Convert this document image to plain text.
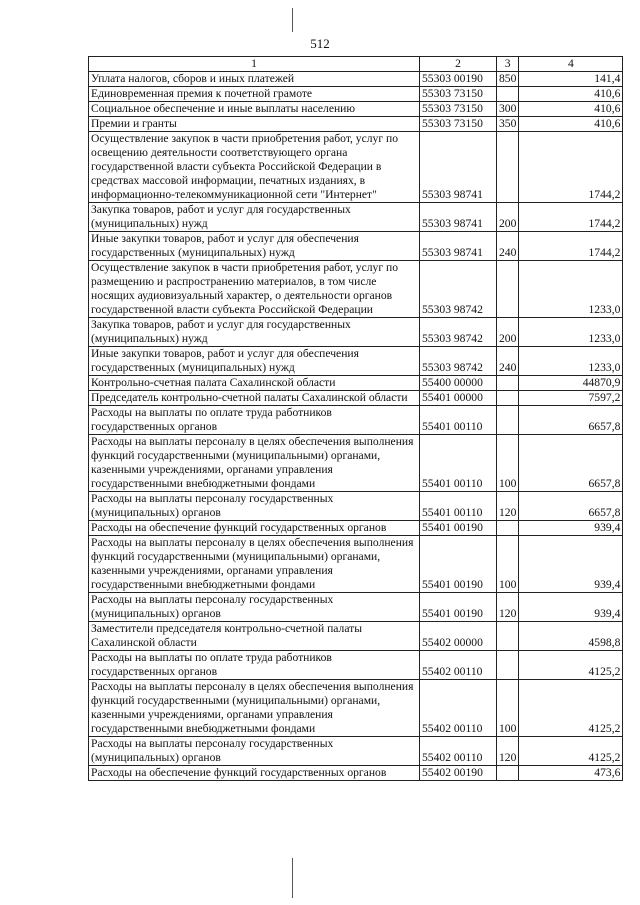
512
1	2	3	4
Уплата налогов, сборов и иных платежей	55303 00190	850	141,4
Единовременная премия к почетной грамоте	55303 73150		410,6
Социальное обеспечение и иные выплаты населению	55303 73150	300	410,6
Премии и гранты	55303 73150	350	410,6
Осуществление закупок в части приобретения работ, услуг по освещению деятельности соответствующего органа государственной власти субъекта Российской Федерации в средствах массовой информации, печатных изданиях, в информационно-телекоммуникационной сети "Интернет"	55303 98741		1744,2
Закупка товаров, работ и услуг для государственных (муниципальных) нужд	55303 98741	200	1744,2
Иные закупки товаров, работ и услуг для обеспечения государственных (муниципальных) нужд	55303 98741	240	1744,2
Осуществление закупок в части приобретения работ, услуг по размещению и распространению материалов, в том числе носящих аудиовизуальный характер, о деятельности органов государственной власти субъекта Российской Федерации	55303 98742		1233,0
Закупка товаров, работ и услуг для государственных (муниципальных) нужд	55303 98742	200	1233,0
Иные закупки товаров, работ и услуг для обеспечения государственных (муниципальных) нужд	55303 98742	240	1233,0
Контрольно-счетная палата Сахалинской области	55400 00000		44870,9
Председатель контрольно-счетной палаты Сахалинской области	55401 00000		7597,2
Расходы на выплаты по оплате труда работников государственных органов	55401 00110		6657,8
Расходы на выплаты персоналу в целях обеспечения выполнения функций государственными (муниципальными) органами, казенными учреждениями, органами управления государственными внебюджетными фондами	55401 00110	100	6657,8
Расходы на выплаты персоналу государственных (муниципальных) органов	55401 00110	120	6657,8
Расходы на обеспечение функций государственных органов	55401 00190		939,4
Расходы на выплаты персоналу в целях обеспечения выполнения функций государственными (муниципальными) органами, казенными учреждениями, органами управления государственными внебюджетными фондами	55401 00190	100	939,4
Расходы на выплаты персоналу государственных (муниципальных) органов	55401 00190	120	939,4
Заместители председателя контрольно-счетной палаты Сахалинской области	55402 00000		4598,8
Расходы на выплаты по оплате труда работников государственных органов	55402 00110		4125,2
Расходы на выплаты персоналу в целях обеспечения выполнения функций государственными (муниципальными) органами, казенными учреждениями, органами управления государственными внебюджетными фондами	55402 00110	100	4125,2
Расходы на выплаты персоналу государственных (муниципальных) органов	55402 00110	120	4125,2
Расходы на обеспечение функций государственных органов	55402 00190		473,6
